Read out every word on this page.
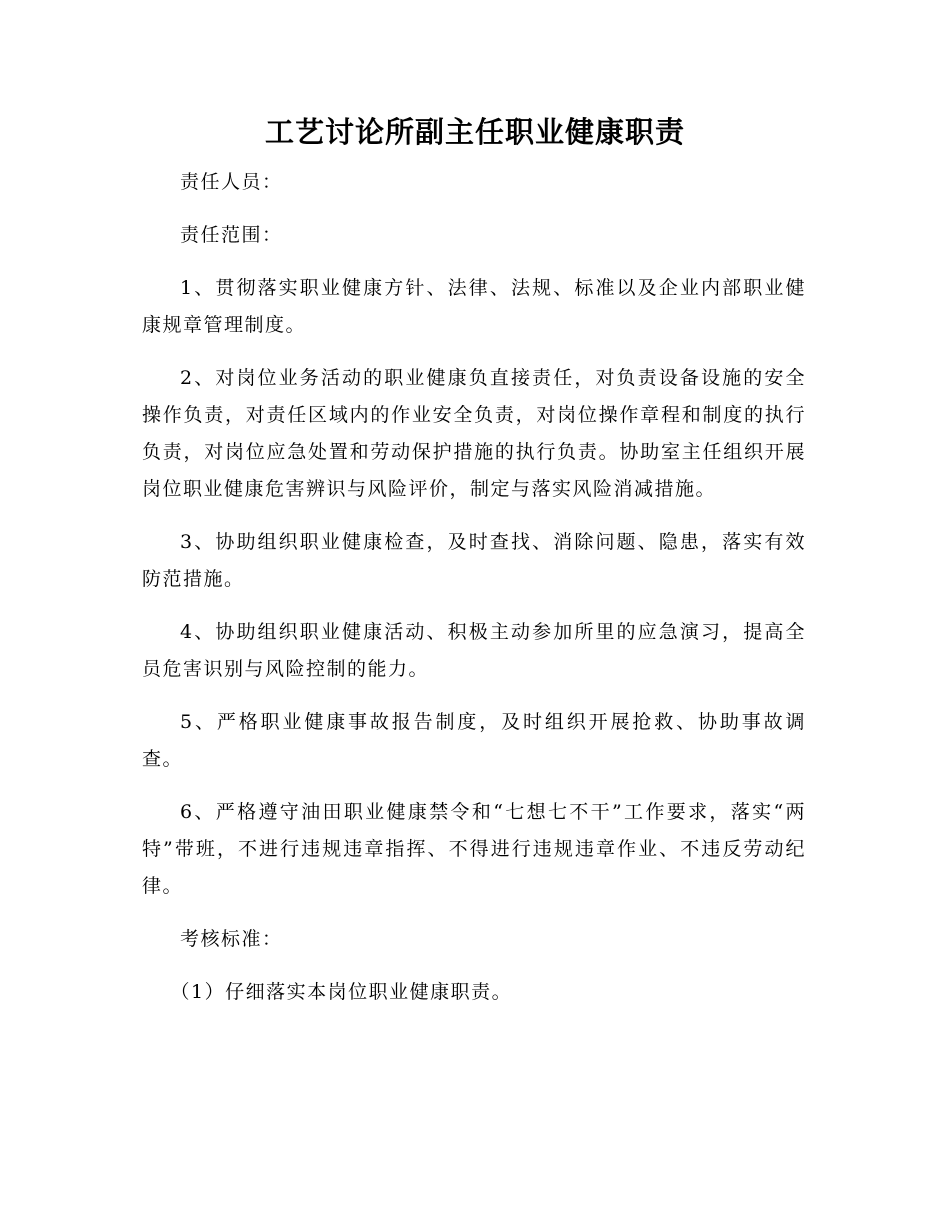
工艺讨论所副主任职业健康职责

责任人员：

责任范围：

1、贯彻落实职业健康方针、法律、法规、标准以及企业内部职业健康规章管理制度。

2、对岗位业务活动的职业健康负直接责任，对负责设备设施的安全操作负责，对责任区域内的作业安全负责，对岗位操作章程和制度的执行负责，对岗位应急处置和劳动保护措施的执行负责。协助室主任组织开展岗位职业健康危害辨识与风险评价，制定与落实风险消减措施。

3、协助组织职业健康检查，及时查找、消除问题、隐患，落实有效防范措施。

4、协助组织职业健康活动、积极主动参加所里的应急演习，提高全员危害识别与风险控制的能力。

5、严格职业健康事故报告制度，及时组织开展抢救、协助事故调查。

6、严格遵守油田职业健康禁令和“七想七不干”工作要求，落实“两特”带班，不进行违规违章指挥、不得进行违规违章作业、不违反劳动纪律。

考核标准：

（1）仔细落实本岗位职业健康职责。
